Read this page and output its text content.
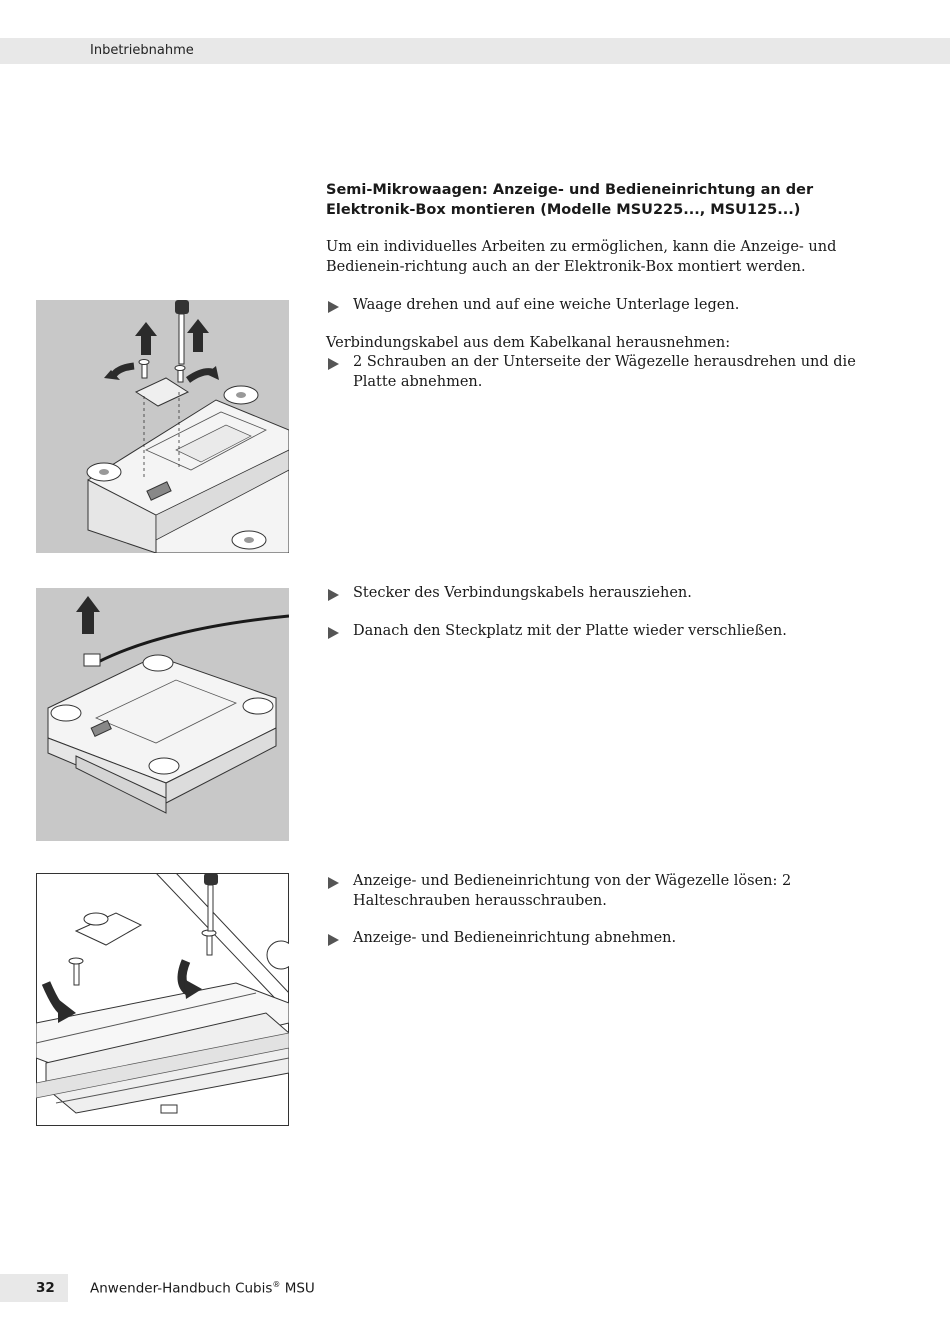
Inbetriebnahme
Semi-Mikrowaagen: Anzeige- und Bedieneinrichtung an der Elektronik-Box montieren (Modelle MSU225..., MSU125...)

Um ein individuelles Arbeiten zu ermöglichen, kann die Anzeige- und Bedienein-richtung auch an der Elektronik-Box montiert werden.

Waage drehen und auf eine weiche Unterlage legen.

Verbindungskabel aus dem Kabelkanal herausnehmen:

2 Schrauben an der Unterseite der Wägezelle herausdrehen und die Platte abnehmen.
Stecker des Verbindungskabels herausziehen.
Danach den Steckplatz mit der Platte wieder verschließen.
Anzeige- und Bedieneinrichtung von der Wägezelle lösen: 2 Halteschrauben herausschrauben.
Anzeige- und Bedieneinrichtung abnehmen.
32	Anwender-Handbuch Cubis® MSU
